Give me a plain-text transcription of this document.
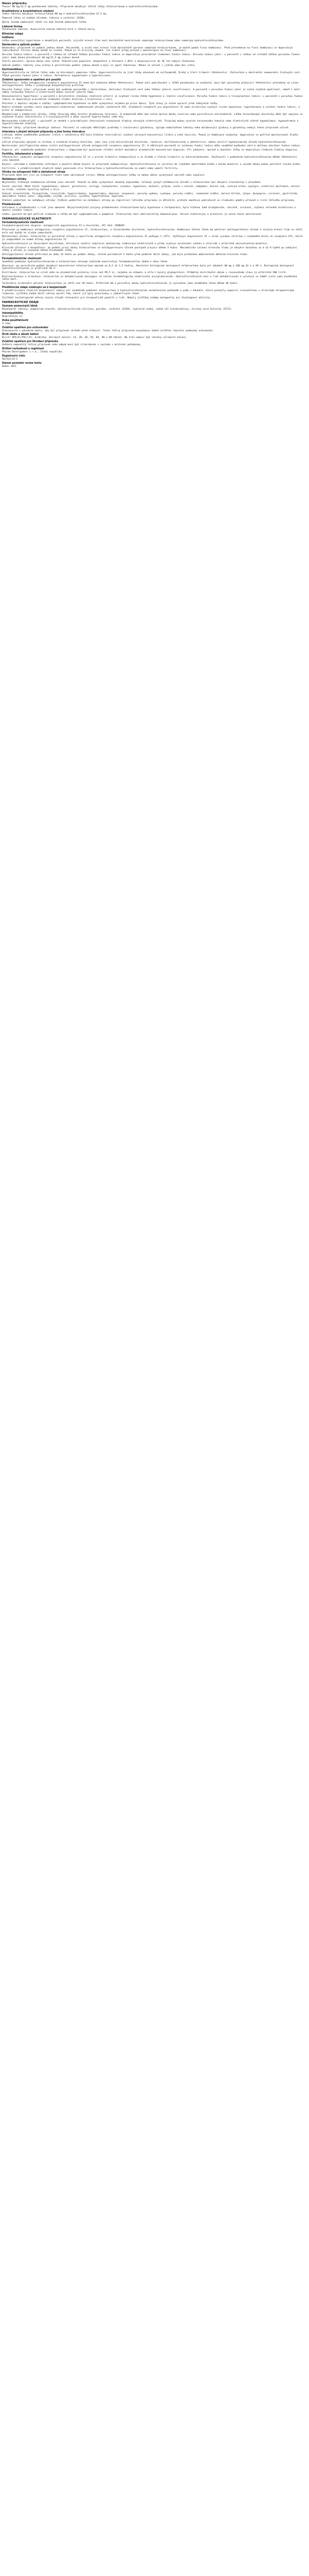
Název přípravku
Tezzor 80 mg/12,5 mg potahované tablety. Přípravek obsahuje léčivé látky telmisartanum a hydrochlorothiazidum.
Kvalitativní a kvantitativní složení
Jedna tableta obsahuje telmisartanum 80 mg a hydrochlorothiazidum 12,5 mg.
Pomocné látky se známým účinkem: laktosa a sorbitol (E420).
Úplný seznam pomocných látek viz bod Seznam pomocných látek.
Léková forma
Potahovaná tableta. Dvouvrstvá oválná tableta bílé a růžové barvy.
Klinické údaje
Indikace
Léčba esenciální hypertenze u dospělých pacientů, jejichž krevní tlak není dostatečně kontrolován samotným telmisartanem nebo samotným hydrochlorothiazidem.
Dávkování a způsob podání
Dávkování: přípravek se podává jednou denně. Pacientům, u nichž není krevní tlak dostatečně upraven samotným telmisartanem, je možné podat fixní kombinaci. Před převedením na fixní kombinaci se doporučuje individuální titrace dávky každé ze složek. Pokud je to klinicky vhodné, lze zvážit přímý převod z monoterapie na fixní kombinaci.
Porucha funkce ledvin: u pacientů s lehkou až středně těžkou poruchou funkce ledvin se doporučuje pravidelné sledování funkce ledvin. Porucha funkce jater: u pacientů s lehkou až středně těžkou poruchou funkce jater nemá dávka přesáhnout 40 mg/12,5 mg jednou denně.
Starší pacienti: úprava dávky není nutná. Pediatrická populace: bezpečnost a účinnost u dětí a dospívajících do 18 let nebyla stanovena.
Způsob podání: tablety jsou určeny k perorálnímu podání jednou denně a mají se zapít tekutinou. Mohou se užívat s jídlem nebo bez jídla.
Kontraindikace
Hypersenzitivita na léčivé látky nebo na kteroukoli pomocnou látku. Hypersenzitivita na jiné látky odvozené od sulfonamidů. Druhý a třetí trimestr těhotenství. Cholestáza a obstrukční onemocnění žlučových cest. Těžká porucha funkce jater a ledvin. Refrakterní hypokalemie a hyperkalcemie.
Zvláštní upozornění a opatření pro použití
Těhotenství: léčba antagonisty receptoru angiotenzinu II nemá být zahájena během těhotenství. Pokud není pokračování v léčbě považováno za nezbytné, mají být pacientky plánující těhotenství převedeny na jinou antihypertenzní léčbu s prokázaným bezpečnostním profilem.
Porucha funkce jater: přípravek nesmí být podáván pacientům s cholestázou, obstrukcí žlučových cest nebo těžkou jaterní insuficiencí. U pacientů s poruchou funkce jater je nutná zvýšená opatrnost, neboť i malé změny rovnováhy tekutin a elektrolytů mohou vyvolat jaterní kóma.
Renovaskulární hypertenze: u pacientů s bilaterální stenózou renálních arterií je zvýšené riziko těžké hypotenze a renální insuficience. Porucha funkce ledvin a transplantace ledvin: u pacientů s poruchou funkce ledvin se doporučuje pravidelné sledování hladin draslíku a kreatininu v séru.
Pacienti s deplecí objemu a sodíku: symptomatická hypotenze se může vyskytnout zejména po první dávce. Tyto stavy je nutné upravit před zahájením léčby.
Duální blokáda systému renin-angiotenzin-aldosteron: kombinované užívání inhibitorů ACE, blokátorů receptorů pro angiotenzin II nebo aliskirenu zvyšuje riziko hypotenze, hyperkalemie a snížení funkce ledvin, a proto se nedoporučuje.
Metabolické a endokrinní účinky: léčba thiazidy může narušit glukózovou toleranci. U diabetiků může být nutná úprava dávky inzulinu nebo perorálních antidiabetik. Léčba thiazidovými diuretiky může být spojena se zvýšením hladin cholesterolu a triacylglycerolů a může vyvolat hyperurikemii nebo dnu.
Nerovnováha elektrolytů: u pacientů je vhodné v pravidelných intervalech stanovovat hladiny sérových elektrolytů. Thiazidy mohou vyvolat nerovnováhu tekutin nebo elektrolytů včetně hypokalemie, hyponatremie a hypochloremické alkalózy.
Pomocné látky: přípravek obsahuje laktosu. Pacienti se vzácnými dědičnými problémy s intolerancí galaktosy, úplným nedostatkem laktázy nebo malabsorpcí glukosy a galaktosy nemají tento přípravek užívat.
Interakce s jinými léčivými přípravky a jiné formy interakce
Lithium: během souběžného podávání lithia s inhibitory ACE bylo hlášeno reverzibilní zvýšení sérových koncentrací lithia a jeho toxicity. Pokud je kombinace nezbytná, doporučuje se pečlivé monitorování hladin lithia v séru.
Léčivé přípravky spojené se ztrátou a snížením hladiny draslíku, jako jsou jiná kaliuretická diuretika, laxativa, kortikosteroidy a amfotericin, mohou zesílit hypokalemický účinek hydrochlorothiazidu.
Nesteroidní antiflogistika mohou snížit antihypertenzní účinek antagonistů receptoru angiotenzinu II. U některých pacientů se sníženou funkcí ledvin může souběžné podávání vést k dalšímu zhoršení funkce ledvin.
Digoxin: při souběžném podávání telmisartanu s digoxinem byl pozorován střední nárůst maximální plazmatické koncentrace digoxinu. Při zahájení, úpravě a ukončení léčby se doporučuje sledovat hladiny digoxinu.
Fertilita, těhotenství a kojení
Těhotenství: podávání antagonistů receptoru angiotenzinu II se v prvním trimestru nedoporučuje a ve druhém a třetím trimestru je kontraindikováno. Zkušenosti s podáváním hydrochlorothiazidu během těhotenství jsou omezené.
Kojení: vzhledem k nedostatku informací o použití během kojení se přípravek nedoporučuje. Hydrochlorothiazid se vylučuje do lidského mateřského mléka v malém množství a vysoké dávky mohou potlačit tvorbu mléka.
Fertilita: v předklinických studiích nebyl pozorován vliv telmisartanu a hydrochlorothiazidu na samčí nebo samičí fertilitu.
Účinky na schopnost řídit a obsluhovat stroje
Přípravek může mít vliv na schopnost řídit nebo obsluhovat stroje. Během antihypertenzní léčby se mohou občas vyskytnout závratě nebo ospalost.
Nežádoucí účinky
Nejčastěji hlášeným nežádoucím účinkem jsou závratě. Vzácně se může vyskytnout závažný angioedém. Celkový výskyt nežádoucích účinků u telmisartanu byl obvykle srovnatelný s placebem.
Časté: závratě. Méně časté: hypokalemie, úzkost, parestezie, vertigo, tachykardie, arytmie, hypotenze, dušnost, průjem, sucho v ústech, nadýmání, bolest zad, svalové křeče, myalgie, erektilní dysfunkce, bolest na hrudi, zvýšení kyseliny močové v krvi.
Vzácné: bronchitida, faryngitida, sinusitida, hyperurikemie, hyponatremie, deprese, nespavost, poruchy spánku, synkopa, poruchy vidění, rozmazané vidění, bolest břicha, zácpa, dyspepsie, zvracení, gastritida, abnormální funkce jater, angioedém, erytém, pruritus, vyrážka, hyperhidróza, kopřivka.
Hlášení podezření na nežádoucí účinky: hlášení podezření na nežádoucí účinky po registraci léčivého přípravku je důležité, protože umožňuje pokračovat ve sledování poměru přínosů a rizik léčivého přípravku.
Předávkování
Informace o předávkování u lidí jsou omezené. Nejvýraznějšími projevy předávkování telmisartanem byly hypotenze a tachykardie; byla hlášena také bradykardie, závratě, zvracení, zvýšení sérového kreatininu a akutní selhání ledvin.
Léčba: pacient má být pečlivě sledován a léčba má být symptomatická a podpůrná. Telmisartan není odstranitelný hemodialýzou. Sérové elektrolyty a kreatinin je nutno často monitorovat.
FARMAKOLOGICKÉ VLASTNOSTI
Farmakodynamické vlastnosti
Farmakoterapeutická skupina: antagonisté angiotenzinu II a diuretika. ATC kód: C09DA07.
Přípravek je kombinací antagonisty receptoru angiotenzinu II, telmisartanu, a thiazidového diuretika, hydrochlorothiazidu. Kombinace těchto látek má aditivní antihypertenzní účinek a snižuje krevní tlak ve větší míře než každá ze složek samostatně.
Mechanismus účinku: telmisartan je perorálně účinný a specifický antagonista receptoru angiotenzinu II podtypu 1 (AT1). Vytěsňuje angiotenzin II s velmi vysokou afinitou z vazebného místa na receptoru AT1, které je zodpovědné za známé účinky angiotenzinu II.
Hydrochlorothiazid je thiazidové diuretikum. Ovlivňuje renální tubulární mechanismy reabsorpce elektrolytů a přímo zvyšuje vylučování sodíku a chloridů v přibližně ekvivalentním množství.
Klinická účinnost a bezpečnost: po podání první dávky telmisartanu se antihypertenzní účinek postupně projeví během 3 hodin. Maximálního snížení krevního tlaku je obvykle dosaženo za 4 až 8 týdnů po zahájení léčby a účinek je zachován během dlouhodobé léčby.
Antihypertenzní účinek přetrvává po dobu 24 hodin po podání dávky, včetně posledních 4 hodin před podáním další dávky, jak bylo prokázáno ambulantním měřením krevního tlaku.
Farmakokinetické vlastnosti
Souběžné podávání hydrochlorothiazidu a telmisartanu zdravým jedincům neovlivňuje farmakokinetiku žádné z obou látek.
Absorpce: po perorálním podání dosahují koncentrace telmisartanu maxima za 0,5 až 1,5 hodiny. Absolutní biologická dostupnost telmisartanu byla při dávkách 40 mg a 160 mg 42 % a 58 %. Biologická dostupnost hydrochlorothiazidu je přibližně 60 %.
Distribuce: telmisartan se silně váže na plazmatické proteiny (více než 99,5 %), zejména na albumin a alfa-1 kyselý glykoprotein. Průměrný distribuční objem v rovnovážném stavu je přibližně 500 litrů.
Biotransformace a eliminace: telmisartan je metabolizován konjugací za vzniku farmakologicky neaktivního acylglukuronidu. Hydrochlorothiazid není u lidí metabolizován a vylučuje se téměř zcela jako nezměněná látka močí.
Terminální eliminační poločas telmisartanu je větší než 20 hodin. Přibližně 60 % perorální dávky hydrochlorothiazidu je vyloučeno jako nezměněná látka během 48 hodin.
Předklinické údaje vztahující se k bezpečnosti
V předklinických studiích bezpečnosti nebyly při souběžném podávání telmisartanu a hydrochlorothiazidu normotenzním potkanům a psům v dávkách, které poskytly expozici srovnatelnou s klinickým terapeutickým rozmezím, zjištěny žádné další nálezy oproti těm, které již byly pozorovány u jednotlivých látek.
Zjištěné toxikologické nálezy nejsou zřejmě relevantní pro terapeutické použití u lidí. Nebyly zjištěny známky mutagenity ani klastogenní aktivity.
FARMACEUTICKÉ ÚDAJE
Seznam pomocných látek
Monohydrát laktosy, magnesium-stearát, mikrokrystalická celulosa, povidon, sorbitol (E420), hydroxid sodný, sodná sůl kroskarmelosy, červený oxid železitý (E172).
Inkompatibility
Neuplatňuje se.
Doba použitelnosti
3 roky.
Zvláštní opatření pro uchovávání
Uchovávejte v původním obalu, aby byl přípravek chráněn před vlhkostí. Tento léčivý přípravek nevyžaduje žádné zvláštní teplotní podmínky uchovávání.
Druh obalu a obsah balení
Blistr OPA/Al/PVC//Al, krabička. Velikost balení: 14, 28, 30, 56, 84, 90 a 98 tablet. Na trhu nemusí být všechny velikosti balení.
Zvláštní opatření pro likvidaci přípravku
Veškerý nepoužitý léčivý přípravek nebo odpad musí být zlikvidován v souladu s místními požadavky.
Držitel rozhodnutí o registraci
Pharma Development s.r.o., Česká republika.
Registrační číslo
58/412/14-C
Datum poslední revize textu
Duben 2021
